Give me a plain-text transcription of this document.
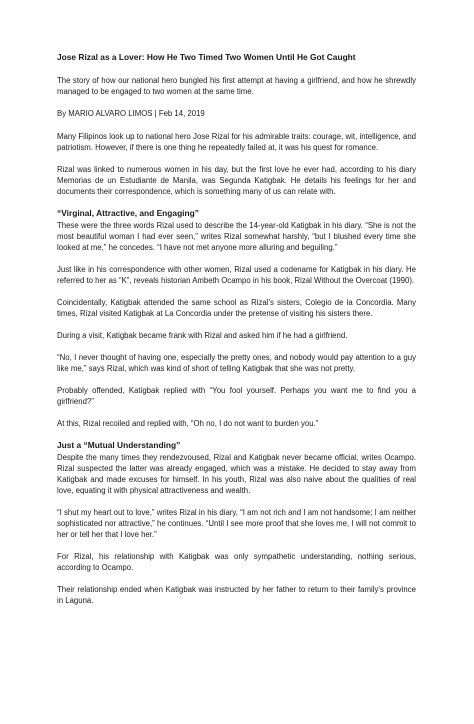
Jose Rizal as a Lover: How He Two Timed Two Women Until He Got Caught

The story of how our national hero bungled his first attempt at having a girlfriend, and how he shrewdly managed to be engaged to two women at the same time.

By MARIO ALVARO LIMOS | Feb 14, 2019

Many Filipinos look up to national hero Jose Rizal for his admirable traits: courage, wit, intelligence, and patriotism. However, if there is one thing he repeatedly failed at, it was his quest for romance.

Rizal was linked to numerous women in his day, but the first love he ever had, according to his diary Memorias de un Estudiante de Manila, was Segunda Katigbak. He details his feelings for her and documents their correspondence, which is something many of us can relate with.

“Virginal, Attractive, and Engaging”

These were the three words Rizal used to describe the 14-year-old Katigbak in his diary. “She is not the most beautiful woman I had ever seen,” writes Rizal somewhat harshly, “but I blushed every time she looked at me,” he concedes. “I have not met anyone more alluring and beguiling.”

Just like in his correspondence with other women, Rizal used a codename for Katigbak in his diary. He referred to her as “K”, reveals historian Ambeth Ocampo in his book, Rizal Without the Overcoat (1990).

Coincidentally, Katigbak attended the same school as Rizal’s sisters, Colegio de la Concordia. Many times, Rizal visited Katigbak at La Concordia under the pretense of visiting his sisters there.

During a visit, Katigbak became frank with Rizal and asked him if he had a girlfriend.

“No, I never thought of having one, especially the pretty ones, and nobody would pay attention to a guy like me,” says Rizal, which was kind of short of telling Katigbak that she was not pretty.

Probably offended, Katigbak replied with “You fool yourself. Perhaps you want me to find you a girlfriend?”

At this, Rizal recoiled and replied with, “Oh no, I do not want to burden you.”

Just a “Mutual Understanding”

Despite the many times they rendezvoused, Rizal and Katigbak never became official, writes Ocampo. Rizal suspected the latter was already engaged, which was a mistake. He decided to stay away from Katigbak and made excuses for himself. In his youth, Rizal was also naive about the qualities of real love, equating it with physical attractiveness and wealth.

“I shut my heart out to love,” writes Rizal in his diary, “I am not rich and I am not handsome; I am neither sophisticated nor attractive,” he continues. “Until I see more proof that she loves me, I will not commit to her or tell her that I love her.”

For Rizal, his relationship with Katigbak was only sympathetic understanding, nothing serious, according to Ocampo.

Their relationship ended when Katigbak was instructed by her father to return to their family’s province in Laguna.
